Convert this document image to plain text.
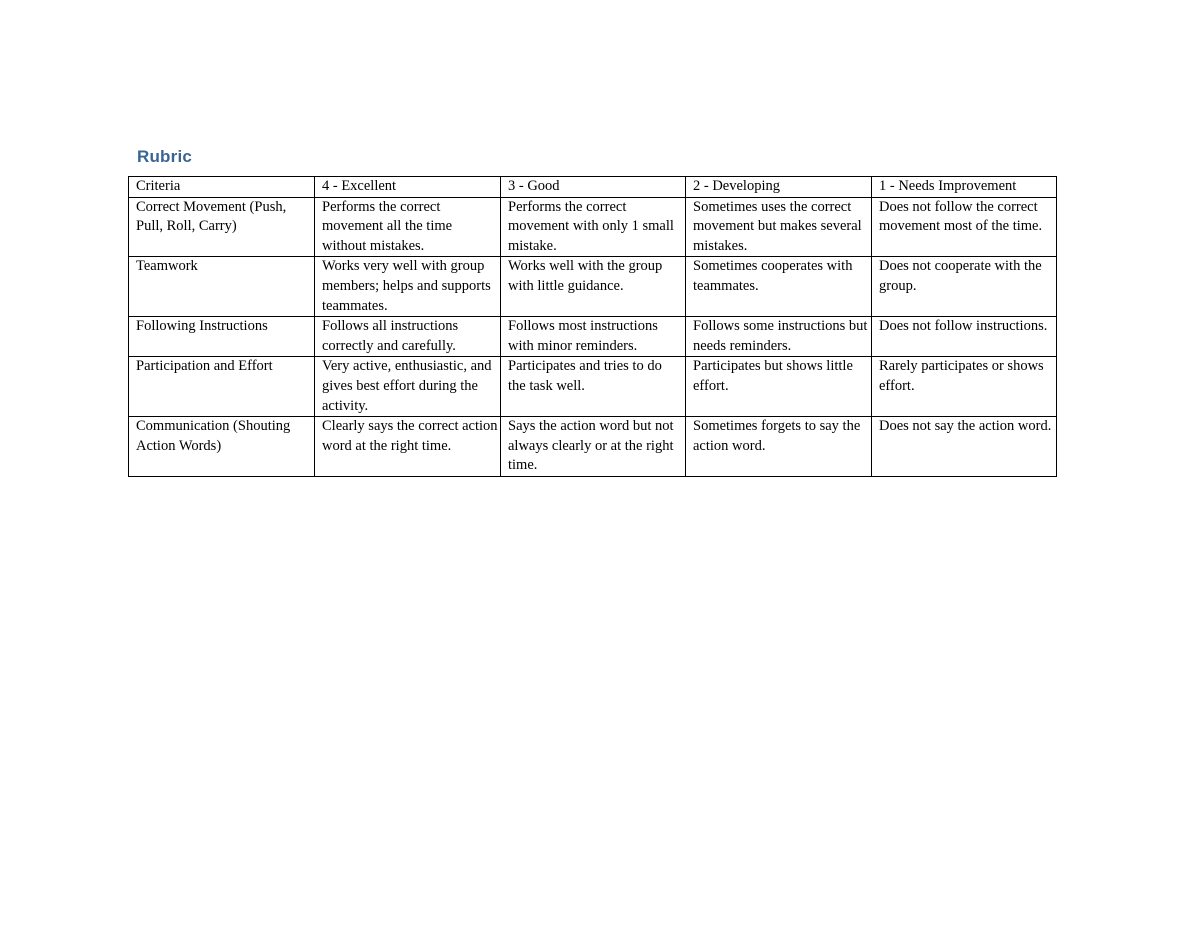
Rubric
Criteria	4 - Excellent	3 - Good	2 - Developing	1 - Needs Improvement
Correct Movement (Push, Pull, Roll, Carry)	Performs the correct movement all the time without mistakes.	Performs the correct movement with only 1 small mistake.	Sometimes uses the correct movement but makes several mistakes.	Does not follow the correct movement most of the time.
Teamwork	Works very well with group members; helps and supports teammates.	Works well with the group with little guidance.	Sometimes cooperates with teammates.	Does not cooperate with the group.
Following Instructions	Follows all instructions correctly and carefully.	Follows most instructions with minor reminders.	Follows some instructions but needs reminders.	Does not follow instructions.
Participation and Effort	Very active, enthusiastic, and gives best effort during the activity.	Participates and tries to do the task well.	Participates but shows little effort.	Rarely participates or shows effort.
Communication (Shouting Action Words)	Clearly says the correct action word at the right time.	Says the action word but not always clearly or at the right time.	Sometimes forgets to say the action word.	Does not say the action word.
